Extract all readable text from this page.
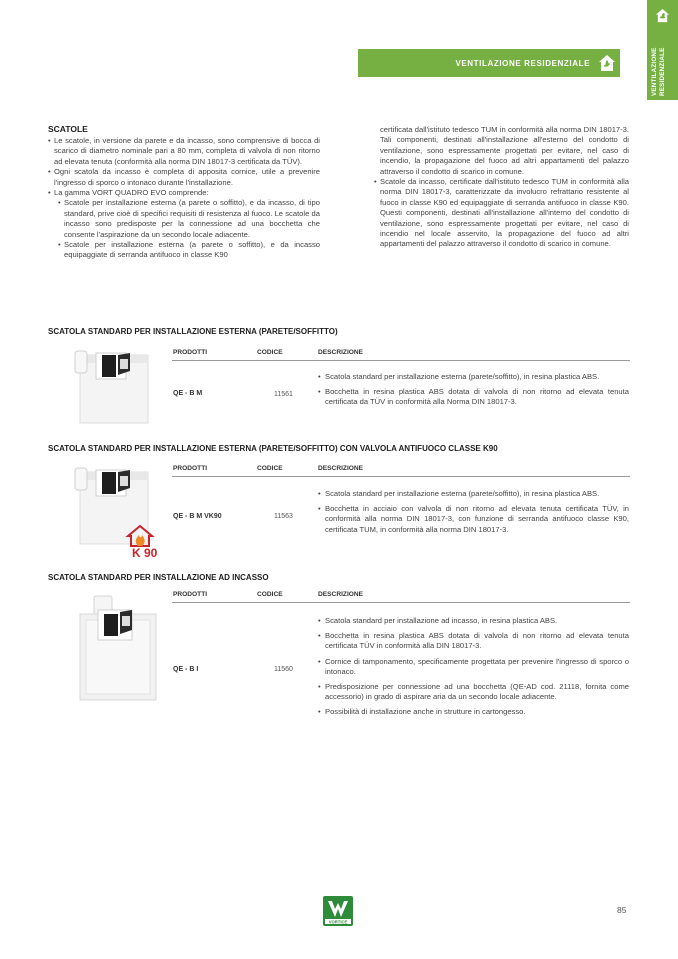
VENTILAZIONE RESIDENZIALE
VENTILAZIONE RESIDENZIALE
SCATOLE
• Le scatole, in versione da parete e da incasso, sono comprensive di bocca di scarico di diametro nominale pari a 80 mm, completa di valvola di non ritorno ad elevata tenuta (conformità alla norma DIN 18017-3 certificata da TÜV).
• Ogni scatola da incasso è completa di apposita cornice, utile a prevenire l'ingresso di sporco o intonaco durante l'installazione.
• La gamma VORT QUADRO EVO comprende:
• Scatole per installazione esterna (a parete o soffitto), e da incasso, di tipo standard, prive cioè di specifici requisiti di resistenza al fuoco. Le scatole da incasso sono predisposte per la connessione ad una bocchetta che consente l'aspirazione da un secondo locale adiacente.
• Scatole per installazione esterna (a parete o soffitto), e da incasso equipaggiate di serranda antifuoco in classe K90
certificata dall'istituto tedesco TUM in conformità alla norma DIN 18017-3. Tali componenti, destinati all'installazione all'esterno del condotto di ventilazione, sono espressamente progettati per evitare, nel caso di incendio, la propagazione del fuoco ad altri appartamenti del palazzo attraverso il condotto di scarico in comune.
• Scatole da incasso, certificate dall'istituto tedesco TUM in conformità alla norma DIN 18017-3, caratterizzate da involucro refrattario resistente al fuoco in classe K90 ed equipaggiate di serranda antifuoco in classe K90. Questi componenti, destinati all'installazione all'interno del condotto di ventilazione, sono espressamente progettati per evitare, nel caso di incendio nel locale asservito, la propagazione del fuoco ad altri appartamenti del palazzo attraverso il condotto di scarico in comune.
SCATOLA STANDARD PER INSTALLAZIONE ESTERNA (PARETE/SOFFITTO)
PRODOTTI	CODICE	DESCRIZIONE
QE - B M	11561
• Scatola standard per installazione esterna (parete/soffitto), in resina plastica ABS.
• Bocchetta in resina plastica ABS dotata di valvola di non ritorno ad elevata tenuta certificata da TÜV in conformità alla Norma DIN 18017-3.
SCATOLA STANDARD PER INSTALLAZIONE ESTERNA (PARETE/SOFFITTO) CON VALVOLA ANTIFUOCO CLASSE K90
PRODOTTI	CODICE	DESCRIZIONE
K 90
QE - B M VK90	11563
• Scatola standard per installazione esterna (parete/soffitto), in resina plastica ABS.
• Bocchetta in acciaio con valvola di non ritorno ad elevata tenuta certificata TÜV, in conformità alla norma DIN 18017-3, con funzione di serranda antifuoco classe K90, certificata TUM, in conformità alla norma DIN 18017-3.
SCATOLA STANDARD PER INSTALLAZIONE AD INCASSO
PRODOTTI	CODICE	DESCRIZIONE
QE - B I	11560
• Scatola standard per installazione ad incasso, in resina plastica ABS.
• Bocchetta in resina plastica ABS dotata di valvola di non ritorno ad elevata tenuta certificata TÜV in conformità alla DIN 18017-3.
• Cornice di tamponamento, specificamente progettata per prevenire l'ingresso di sporco o intonaco.
• Predisposizione per connessione ad una bocchetta (QE-AD cod. 21118, fornita come accessorio) in grado di aspirare aria da un secondo locale adiacente.
• Possibilità di installazione anche in strutture in cartongesso.
VORTICE
85
